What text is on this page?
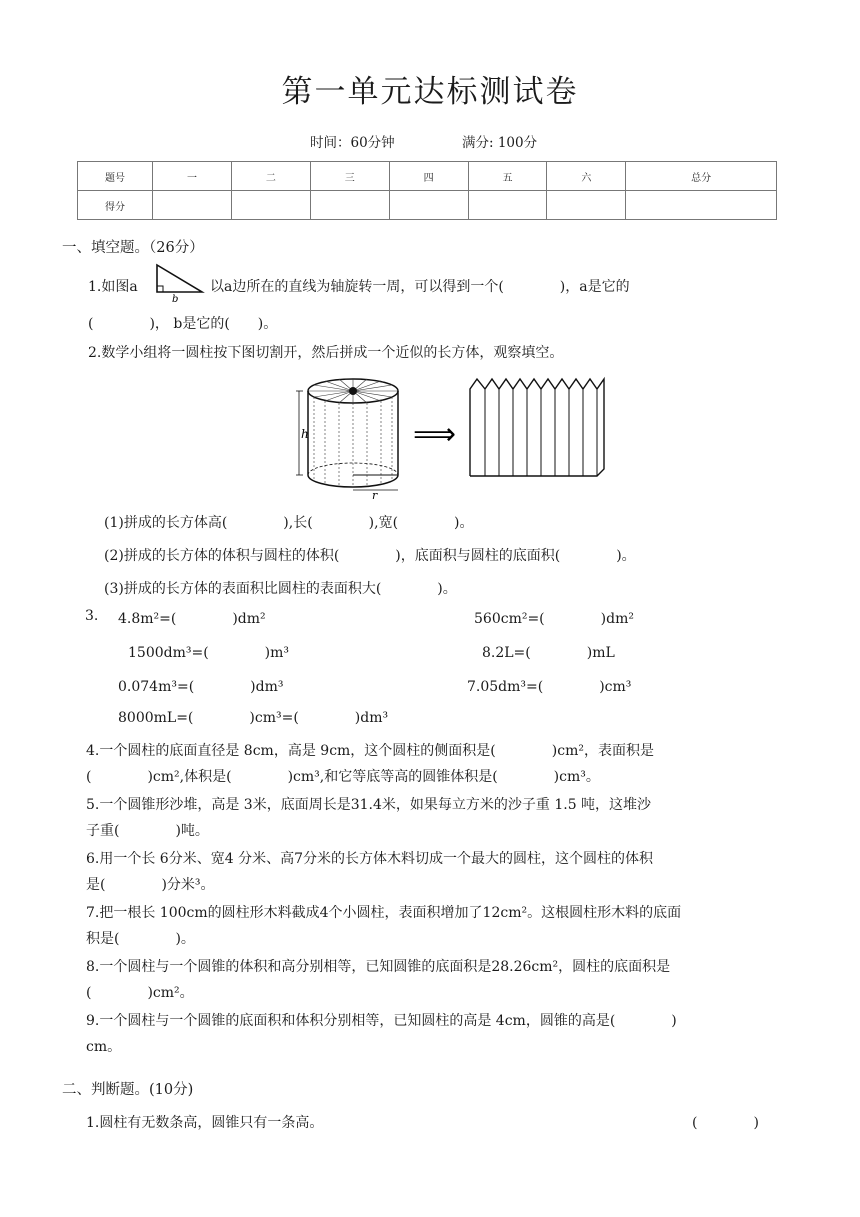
第一单元达标测试卷
时间：60分钟	满分: 100分
题号	一	二	三	四	五	六	总分
得分							
一、填空题。（26分）
1.如图a
b
以a边所在的直线为轴旋转一周，可以得到一个(　　　　)，a是它的
(　　　　)， b是它的(　　)。
2.数学小组将一圆柱按下图切割开，然后拼成一个近似的长方体，观察填空。
h
r
⟹
(1)拼成的长方体高(　　　　),长(　　　　),宽(　　　　)。
(2)拼成的长方体的体积与圆柱的体积(　　　　)，底面积与圆柱的底面积(　　　　)。
(3)拼成的长方体的表面积比圆柱的表面积大(　　　　)。
3. 4.8m²=(　　　　)dm²	560cm²=(　　　　)dm²
1500dm³=(　　　　)m³	8.2L=(　　　　)mL
0.074m³=(　　　　)dm³	7.05dm³=(　　　　)cm³
8000mL=(　　　　)cm³=(　　　　)dm³
4.一个圆柱的底面直径是 8cm，高是 9cm，这个圆柱的侧面积是(　　　　)cm²，表面积是
(　　　　)cm²,体积是(　　　　)cm³,和它等底等高的圆锥体积是(　　　　)cm³。
5.一个圆锥形沙堆，高是 3米，底面周长是31.4米，如果每立方米的沙子重 1.5 吨，这堆沙
子重(　　　　)吨。
6.用一个长 6分米、宽4 分米、高7分米的长方体木料切成一个最大的圆柱，这个圆柱的体积
是(　　　　)分米³。
7.把一根长 100cm的圆柱形木料截成4个小圆柱，表面积增加了12cm²。这根圆柱形木料的底面
积是(　　　　)。
8.一个圆柱与一个圆锥的体积和高分别相等，已知圆锥的底面积是28.26cm²，圆柱的底面积是
(　　　　)cm²。
9.一个圆柱与一个圆锥的底面积和体积分别相等，已知圆柱的高是 4cm，圆锥的高是(　　　　)
cm。
二、判断题。(10分)
1.圆柱有无数条高，圆锥只有一条高。	(　　　　)
